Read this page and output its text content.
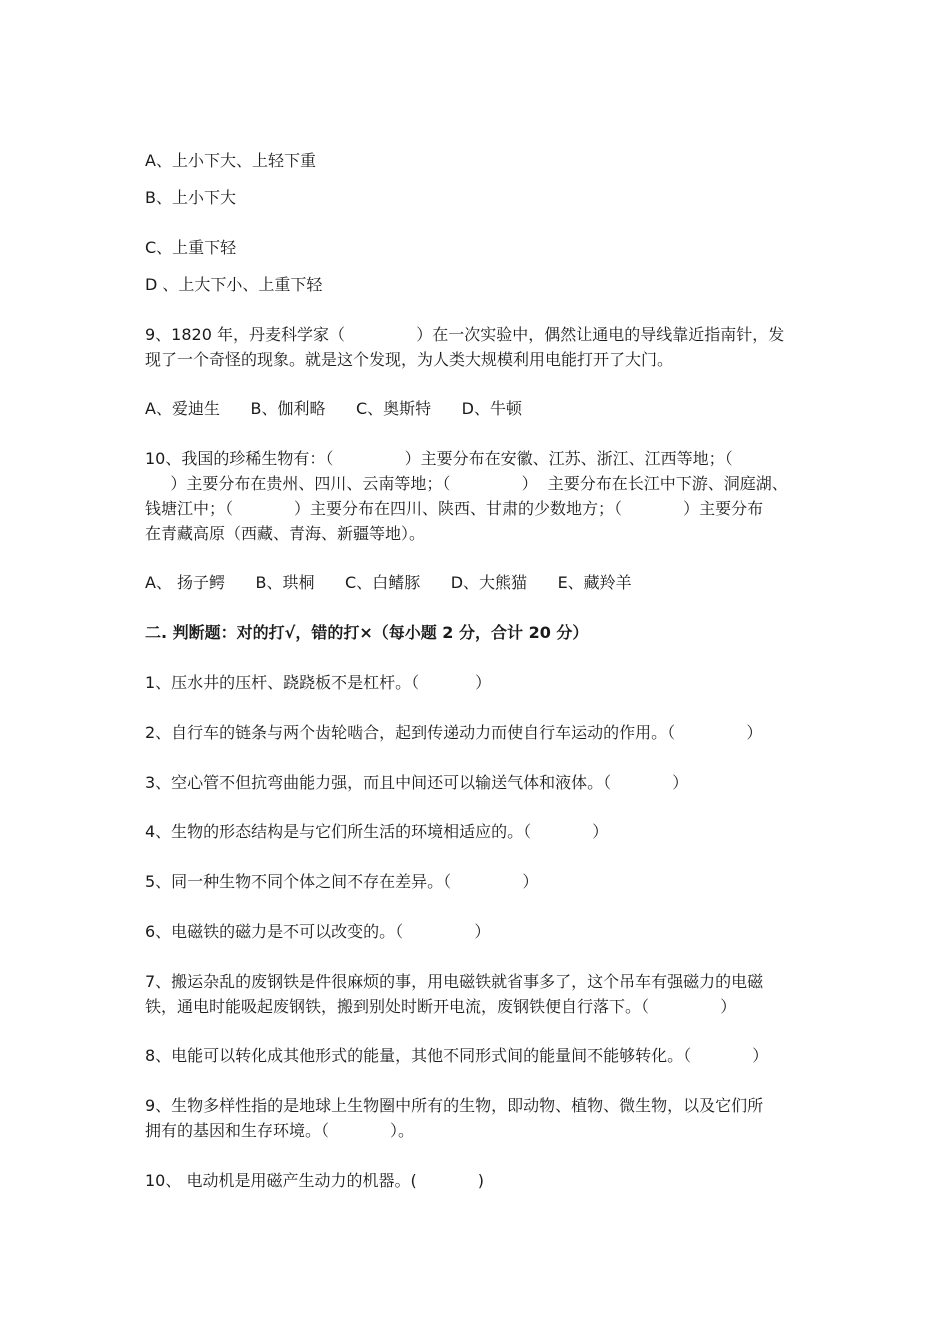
A、上小下大、上轻下重
B、上小下大
C、上重下轻
D 、上大下小、上重下轻
9、1820 年，丹麦科学家（              ）在一次实验中，偶然让通电的导线靠近指南针，发
现了一个奇怪的现象。就是这个发现，为人类大规模利用电能打开了大门。
A、爱迪生      B、伽利略      C、奥斯特      D、牛顿
10、我国的珍稀生物有：（              ）主要分布在安徽、江苏、浙江、江西等地；（
）主要分布在贵州、四川、云南等地；（              ）  主要分布在长江中下游、洞庭湖、
钱塘江中；（            ）主要分布在四川、陕西、甘肃的少数地方；（            ）主要分布
在青藏高原（西藏、青海、新疆等地）。
A、 扬子鳄      B、珙桐      C、白鳍豚      D、大熊猫      E、藏羚羊
二. 判断题：对的打√，错的打×（每小题 2 分，合计 20 分）
1、压水井的压杆、跷跷板不是杠杆。（           ）
2、自行车的链条与两个齿轮啮合，起到传递动力而使自行车运动的作用。（              ）
3、空心管不但抗弯曲能力强，而且中间还可以输送气体和液体。（            ）
4、生物的形态结构是与它们所生活的环境相适应的。（            ）
5、同一种生物不同个体之间不存在差异。（              ）
6、电磁铁的磁力是不可以改变的。（              ）
7、搬运杂乱的废钢铁是件很麻烦的事，用电磁铁就省事多了，这个吊车有强磁力的电磁
铁，通电时能吸起废钢铁，搬到别处时断开电流，废钢铁便自行落下。（              ）
8、电能可以转化成其他形式的能量，其他不同形式间的能量间不能够转化。（            ）
9、生物多样性指的是地球上生物圈中所有的生物，即动物、植物、微生物，以及它们所
拥有的基因和生存环境。（            ）。
10、 电动机是用磁产生动力的机器。(            )
